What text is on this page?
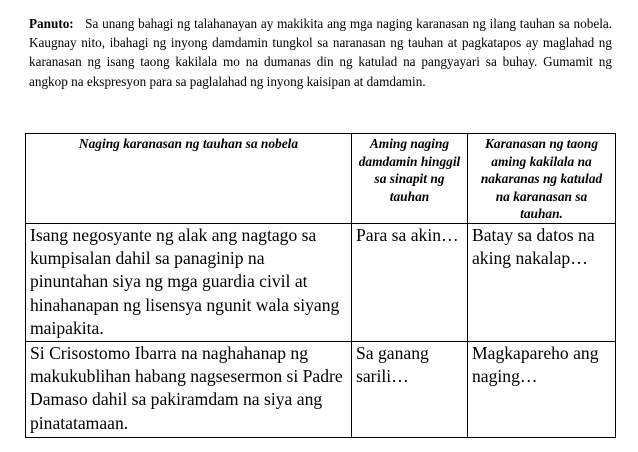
Panuto: Sa unang bahagi ng talahanayan ay makikita ang mga naging karanasan ng ilang tauhan sa nobela. Kaugnay nito, ibahagi ng inyong damdamin tungkol sa naranasan ng tauhan at pagkatapos ay maglahad ng karanasan ng isang taong kakilala mo na dumanas din ng katulad na pangyayari sa buhay. Gumamit ng angkop na ekspresyon para sa paglalahad ng inyong kaisipan at damdamin.

Naging karanasan ng tauhan sa nobela	Aming naging damdamin hinggil sa sinapit ng tauhan	Karanasan ng taong aming kakilala na nakaranas ng katulad na karanasan sa tauhan.
Isang negosyante ng alak ang nagtago sa kumpisalan dahil sa panaginip na pinuntahan siya ng mga guardia civil at hinahanapan ng lisensya ngunit wala siyang maipakita.	Para sa akin…	Batay sa datos na aking nakalap…
Si Crisostomo Ibarra na naghahanap ng makukublihan habang nagsesermon si Padre Damaso dahil sa pakiramdam na siya ang pinatatamaan.	Sa ganang sarili…	Magkapareho ang naging…
